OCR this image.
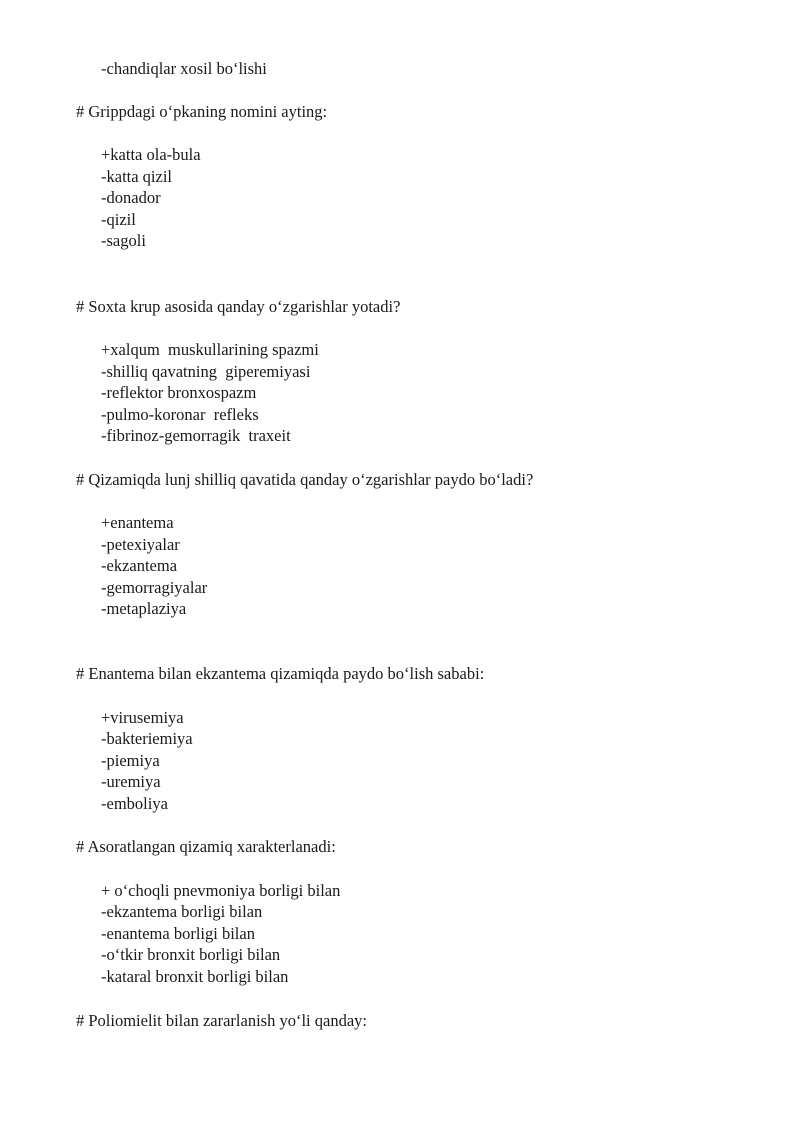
-chandiqlar xosil bo‘lishi
# Grippdagi o‘pkaning nomini ayting:
+katta ola-bula
-katta qizil
-donador
-qizil
-sagoli
# Soxta krup asosida qanday o‘zgarishlar yotadi?
+xalqum  muskullarining spazmi
-shilliq qavatning  giperemiyasi
-reflektor bronxospazm
-pulmo-koronar  refleks
-fibrinoz-gemorragik  traxeit
# Qizamiqda lunj shilliq qavatida qanday o‘zgarishlar paydo bo‘ladi?
+enantema
-petexiyalar
-ekzantema
-gemorragiyalar
-metaplaziya
# Enantema bilan ekzantema qizamiqda paydo bo‘lish sababi:
+virusemiya
-bakteriemiya
-piemiya
-uremiya
-emboliya
# Asoratlangan qizamiq xarakterlanadi:
+ o‘choqli pnevmoniya borligi bilan
-ekzantema borligi bilan
-enantema borligi bilan
-o‘tkir bronxit borligi bilan
-kataral bronxit borligi bilan
# Poliomielit bilan zararlanish yo‘li qanday:
